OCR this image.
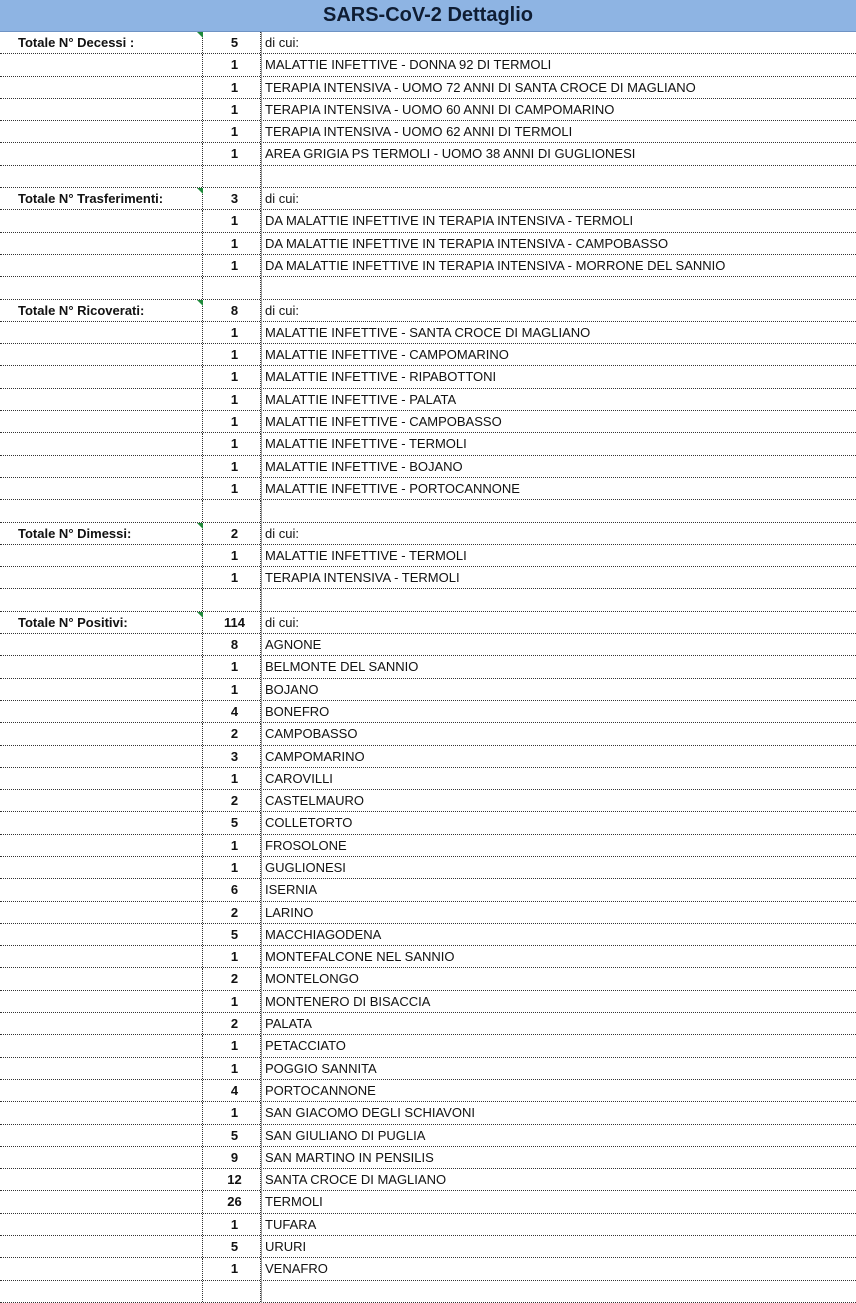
SARS-CoV-2 Dettaglio
Totale N° Decessi :	5	di cui:
1	MALATTIE INFETTIVE - DONNA 92 DI TERMOLI
1	TERAPIA INTENSIVA - UOMO 72 ANNI DI SANTA CROCE DI MAGLIANO
1	TERAPIA INTENSIVA - UOMO 60 ANNI DI CAMPOMARINO
1	TERAPIA INTENSIVA - UOMO 62 ANNI DI TERMOLI
1	AREA GRIGIA PS TERMOLI - UOMO 38 ANNI DI GUGLIONESI
Totale N° Trasferimenti:	3	di cui:
1	DA MALATTIE INFETTIVE IN TERAPIA INTENSIVA - TERMOLI
1	DA MALATTIE INFETTIVE IN TERAPIA INTENSIVA - CAMPOBASSO
1	DA MALATTIE INFETTIVE IN TERAPIA INTENSIVA - MORRONE DEL SANNIO
Totale N° Ricoverati:	8	di cui:
1	MALATTIE INFETTIVE - SANTA CROCE DI MAGLIANO
1	MALATTIE INFETTIVE - CAMPOMARINO
1	MALATTIE INFETTIVE - RIPABOTTONI
1	MALATTIE INFETTIVE - PALATA
1	MALATTIE INFETTIVE - CAMPOBASSO
1	MALATTIE INFETTIVE - TERMOLI
1	MALATTIE INFETTIVE - BOJANO
1	MALATTIE INFETTIVE - PORTOCANNONE
Totale N° Dimessi:	2	di cui:
1	MALATTIE INFETTIVE - TERMOLI
1	TERAPIA INTENSIVA - TERMOLI
Totale N° Positivi:	114	di cui:
8	AGNONE
1	BELMONTE DEL SANNIO
1	BOJANO
4	BONEFRO
2	CAMPOBASSO
3	CAMPOMARINO
1	CAROVILLI
2	CASTELMAURO
5	COLLETORTO
1	FROSOLONE
1	GUGLIONESI
6	ISERNIA
2	LARINO
5	MACCHIAGODENA
1	MONTEFALCONE NEL SANNIO
2	MONTELONGO
1	MONTENERO DI BISACCIA
2	PALATA
1	PETACCIATO
1	POGGIO SANNITA
4	PORTOCANNONE
1	SAN GIACOMO DEGLI SCHIAVONI
5	SAN GIULIANO DI PUGLIA
9	SAN MARTINO IN PENSILIS
12	SANTA CROCE DI MAGLIANO
26	TERMOLI
1	TUFARA
5	URURI
1	VENAFRO
